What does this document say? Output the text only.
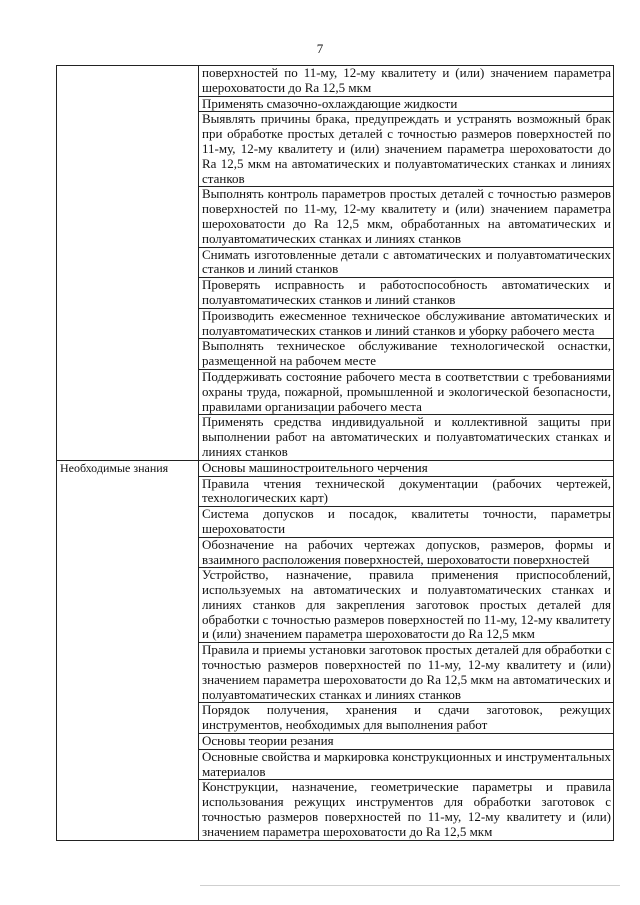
7
	поверхностей по 11-му, 12-му квалитету и (или) значением параметра шероховатости до Ra 12,5 мкм
	Применять смазочно-охлаждающие жидкости
	Выявлять причины брака, предупреждать и устранять возможный брак при обработке простых деталей с точностью размеров поверхностей по 11-му, 12-му квалитету и (или) значением параметра шероховатости до Ra 12,5 мкм на автоматических и полуавтоматических станках и линиях станков
	Выполнять контроль параметров простых деталей с точностью размеров поверхностей по 11-му, 12-му квалитету и (или) значением параметра шероховатости до Ra 12,5 мкм, обработанных на автоматических и полуавтоматических станках и линиях станков
	Снимать изготовленные детали с автоматических и полуавтоматических станков и линий станков
	Проверять исправность и работоспособность автоматических и полуавтоматических станков и линий станков
	Производить ежесменное техническое обслуживание автоматических и полуавтоматических станков и линий станков и уборку рабочего места
	Выполнять техническое обслуживание технологической оснастки, размещенной на рабочем месте
	Поддерживать состояние рабочего места в соответствии с требованиями охраны труда, пожарной, промышленной и экологической безопасности, правилами организации рабочего места
	Применять средства индивидуальной и коллективной защиты при выполнении работ на автоматических и полуавтоматических станках и линиях станков
Необходимые знания	Основы машиностроительного черчения
	Правила чтения технической документации (рабочих чертежей, технологических карт)
	Система допусков и посадок, квалитеты точности, параметры шероховатости
	Обозначение на рабочих чертежах допусков, размеров, формы и взаимного расположения поверхностей, шероховатости поверхностей
	Устройство, назначение, правила применения приспособлений, используемых на автоматических и полуавтоматических станках и линиях станков для закрепления заготовок простых деталей для обработки с точностью размеров поверхностей по 11-му, 12-му квалитету и (или) значением параметра шероховатости до Ra 12,5 мкм
	Правила и приемы установки заготовок простых деталей для обработки с точностью размеров поверхностей по 11-му, 12-му квалитету и (или) значением параметра шероховатости до Ra 12,5 мкм на автоматических и полуавтоматических станках и линиях станков
	Порядок получения, хранения и сдачи заготовок, режущих инструментов, необходимых для выполнения работ
	Основы теории резания
	Основные свойства и маркировка конструкционных и инструментальных материалов
	Конструкции, назначение, геометрические параметры и правила использования режущих инструментов для обработки заготовок с точностью размеров поверхностей по 11-му, 12-му квалитету и (или) значением параметра шероховатости до Ra 12,5 мкм
